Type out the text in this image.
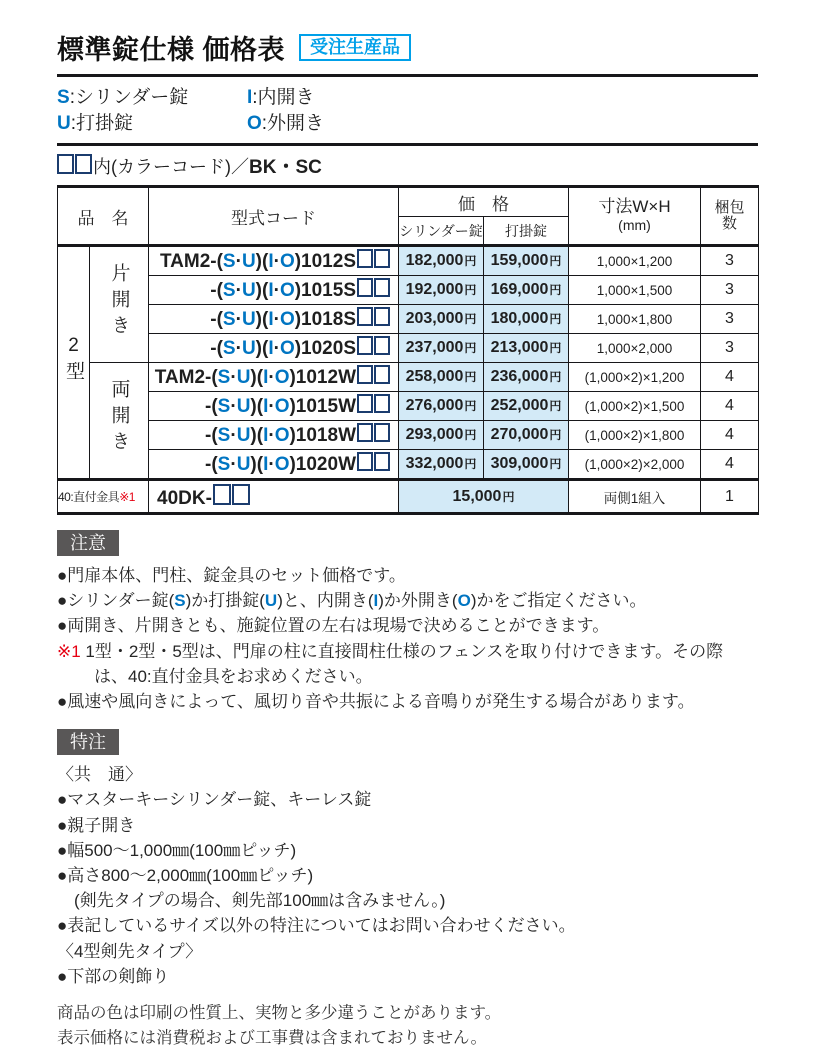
標準錠仕様 価格表	受注生産品
S:シリンダー錠	I:内開き
U:打掛錠	O:外開き
内(カラーコード)／ BK・SC
品　名	型式コード	価　格	寸法W×H
(mm)

梱包
数

			シリンダー錠	打掛錠		
2型	片開き	TAM2-(S·U)(I·O)1012S	182,000円	159,000円	1,000×1,200	3
		-(S·U)(I·O)1015S	192,000円	169,000円	1,000×1,500	3
		-(S·U)(I·O)1018S	203,000円	180,000円	1,000×1,800	3
		-(S·U)(I·O)1020S	237,000円	213,000円	1,000×2,000	3
	両開き	TAM2-(S·U)(I·O)1012W	258,000円	236,000円	(1,000×2)×1,200	4
		-(S·U)(I·O)1015W	276,000円	252,000円	(1,000×2)×1,500	4
		-(S·U)(I·O)1018W	293,000円	270,000円	(1,000×2)×1,800	4
		-(S·U)(I·O)1020W	332,000円	309,000円	(1,000×2)×2,000	4
40:直付金具※1		40DK-	15,000円		両側1組入	1
注意
●門扉本体、門柱、錠金具のセット価格です。
●シリンダー錠(S)か打掛錠(U)と、内開き(I)か外開き(O)かをご指定ください。
●両開き、片開きとも、施錠位置の左右は現場で決めることができます。
※1 1型・2型・5型は、門扉の柱に直接間柱仕様のフェンスを取り付けできます。その際
は、40:直付金具をお求めください。
●風速や風向きによって、風切り音や共振による音鳴りが発生する場合があります。
特注
〈共　通〉
●マスターキーシリンダー錠、キーレス錠
●親子開き
●幅500〜1,000㎜(100㎜ピッチ)
●高さ800〜2,000㎜(100㎜ピッチ)
(剣先タイプの場合、剣先部100㎜は含みません。)
●表記しているサイズ以外の特注についてはお問い合わせください。
〈4型剣先タイプ〉
●下部の剣飾り
商品の色は印刷の性質上、実物と多少違うことがあります。
表示価格には消費税および工事費は含まれておりません。
